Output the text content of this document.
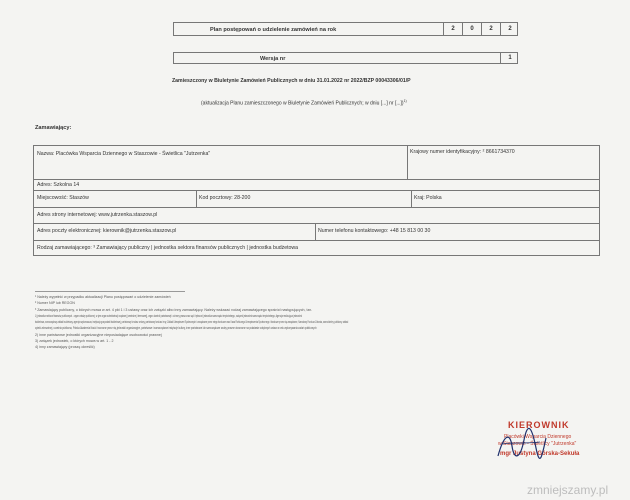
Plan postępowań o udzielenie zamówień na rok	2	0	2	2
Wersja nr	1
Zamieszczony w Biuletynie Zamówień Publicznych w dniu 31.01.2022 nr 2022/BZP 00043306/01/P
(aktualizacja Planu zamieszczonego w Biuletynie Zamówień Publicznych; w dniu [...] nr [...])$^{1)}$
Zamawiający:
Nazwa: Placówka Wsparcia Dziennego w Staszowie - Świetlica "Jutrzenka"	Krajowy numer identyfikacyjny: ² 8661734370
Adres: Szkolna 14
Miejscowość: Staszów	Kod pocztowy: 28-200	Kraj: Polska
Adres strony internetowej: www.jutrzenka.staszow.pl
Adres poczty elektronicznej: kierownik@jutrzenka.staszow.pl	Numer telefonu kontaktowego: +48 15 813 00 30
Rodzaj zamawiającego: ³ Zamawiający publiczny | jednostka sektora finansów publicznych | jednostka budżetowa
¹ Należy wypełnić w przypadku aktualizacji Planu postępowań o udzielenie zamówień
² Numer NIP lub REGON
³ Zamawiający publiczny, o których mowa w art. 4 pkt 1 i 3 ustawy oraz ich związki albo inny zamawiający. Należy wskazać rodzaj zamawiającego spośród następujących, tzn.
1) jednostka sektora finansów publicznych - organ władzy publicznej, w tym organ administracji rządowej (centralnej i terenowej), organ kontroli państwowej i ochrony prawa oraz sąd i trybunał; jednostka samorządu terytorialnego, związek jednostek samorządu terytorialnego; Agencja realizująca jednostek
budżetowa, samorządowy zakład budżetowy, agencja wykonawcza, instytucja gospodarki budżetowej, państwowy fundusz celowy, państwowy fundusz inny; Zakład Ubezpieczeń Społecznych i zarządzane przez niego fundusze oraz Kasa Rolniczego Ubezpieczenia Społecznego i fundusze przez nią zarządzane, Narodowy Fundusz Zdrowia, samodzielny publiczny zakład
opieki zdrowotnej, uczelnia publiczna, Polska Akademia Nauk i tworzone przez nią jednostki organizacyjne, państwowe i samorządowe instytucje kultury, inne państwowe lub samorządowe osoby prawne utworzone na podstawie odrębnych ustaw w celu wykonywania zadań publicznych
2) inne państwowe jednostki organizacyjne nieposiadające osobowości prawnej
3) związek jednostek, o których mowa w art. 1 - 2
4) inny zamawiający (proszę określić)
KIEROWNIK
Placówki Wsparcia Dziennego
w Staszowie - Świetlicy "Jutrzenka"
mgr Justyna Górska-Sekuła
zmniejszamy.pl
